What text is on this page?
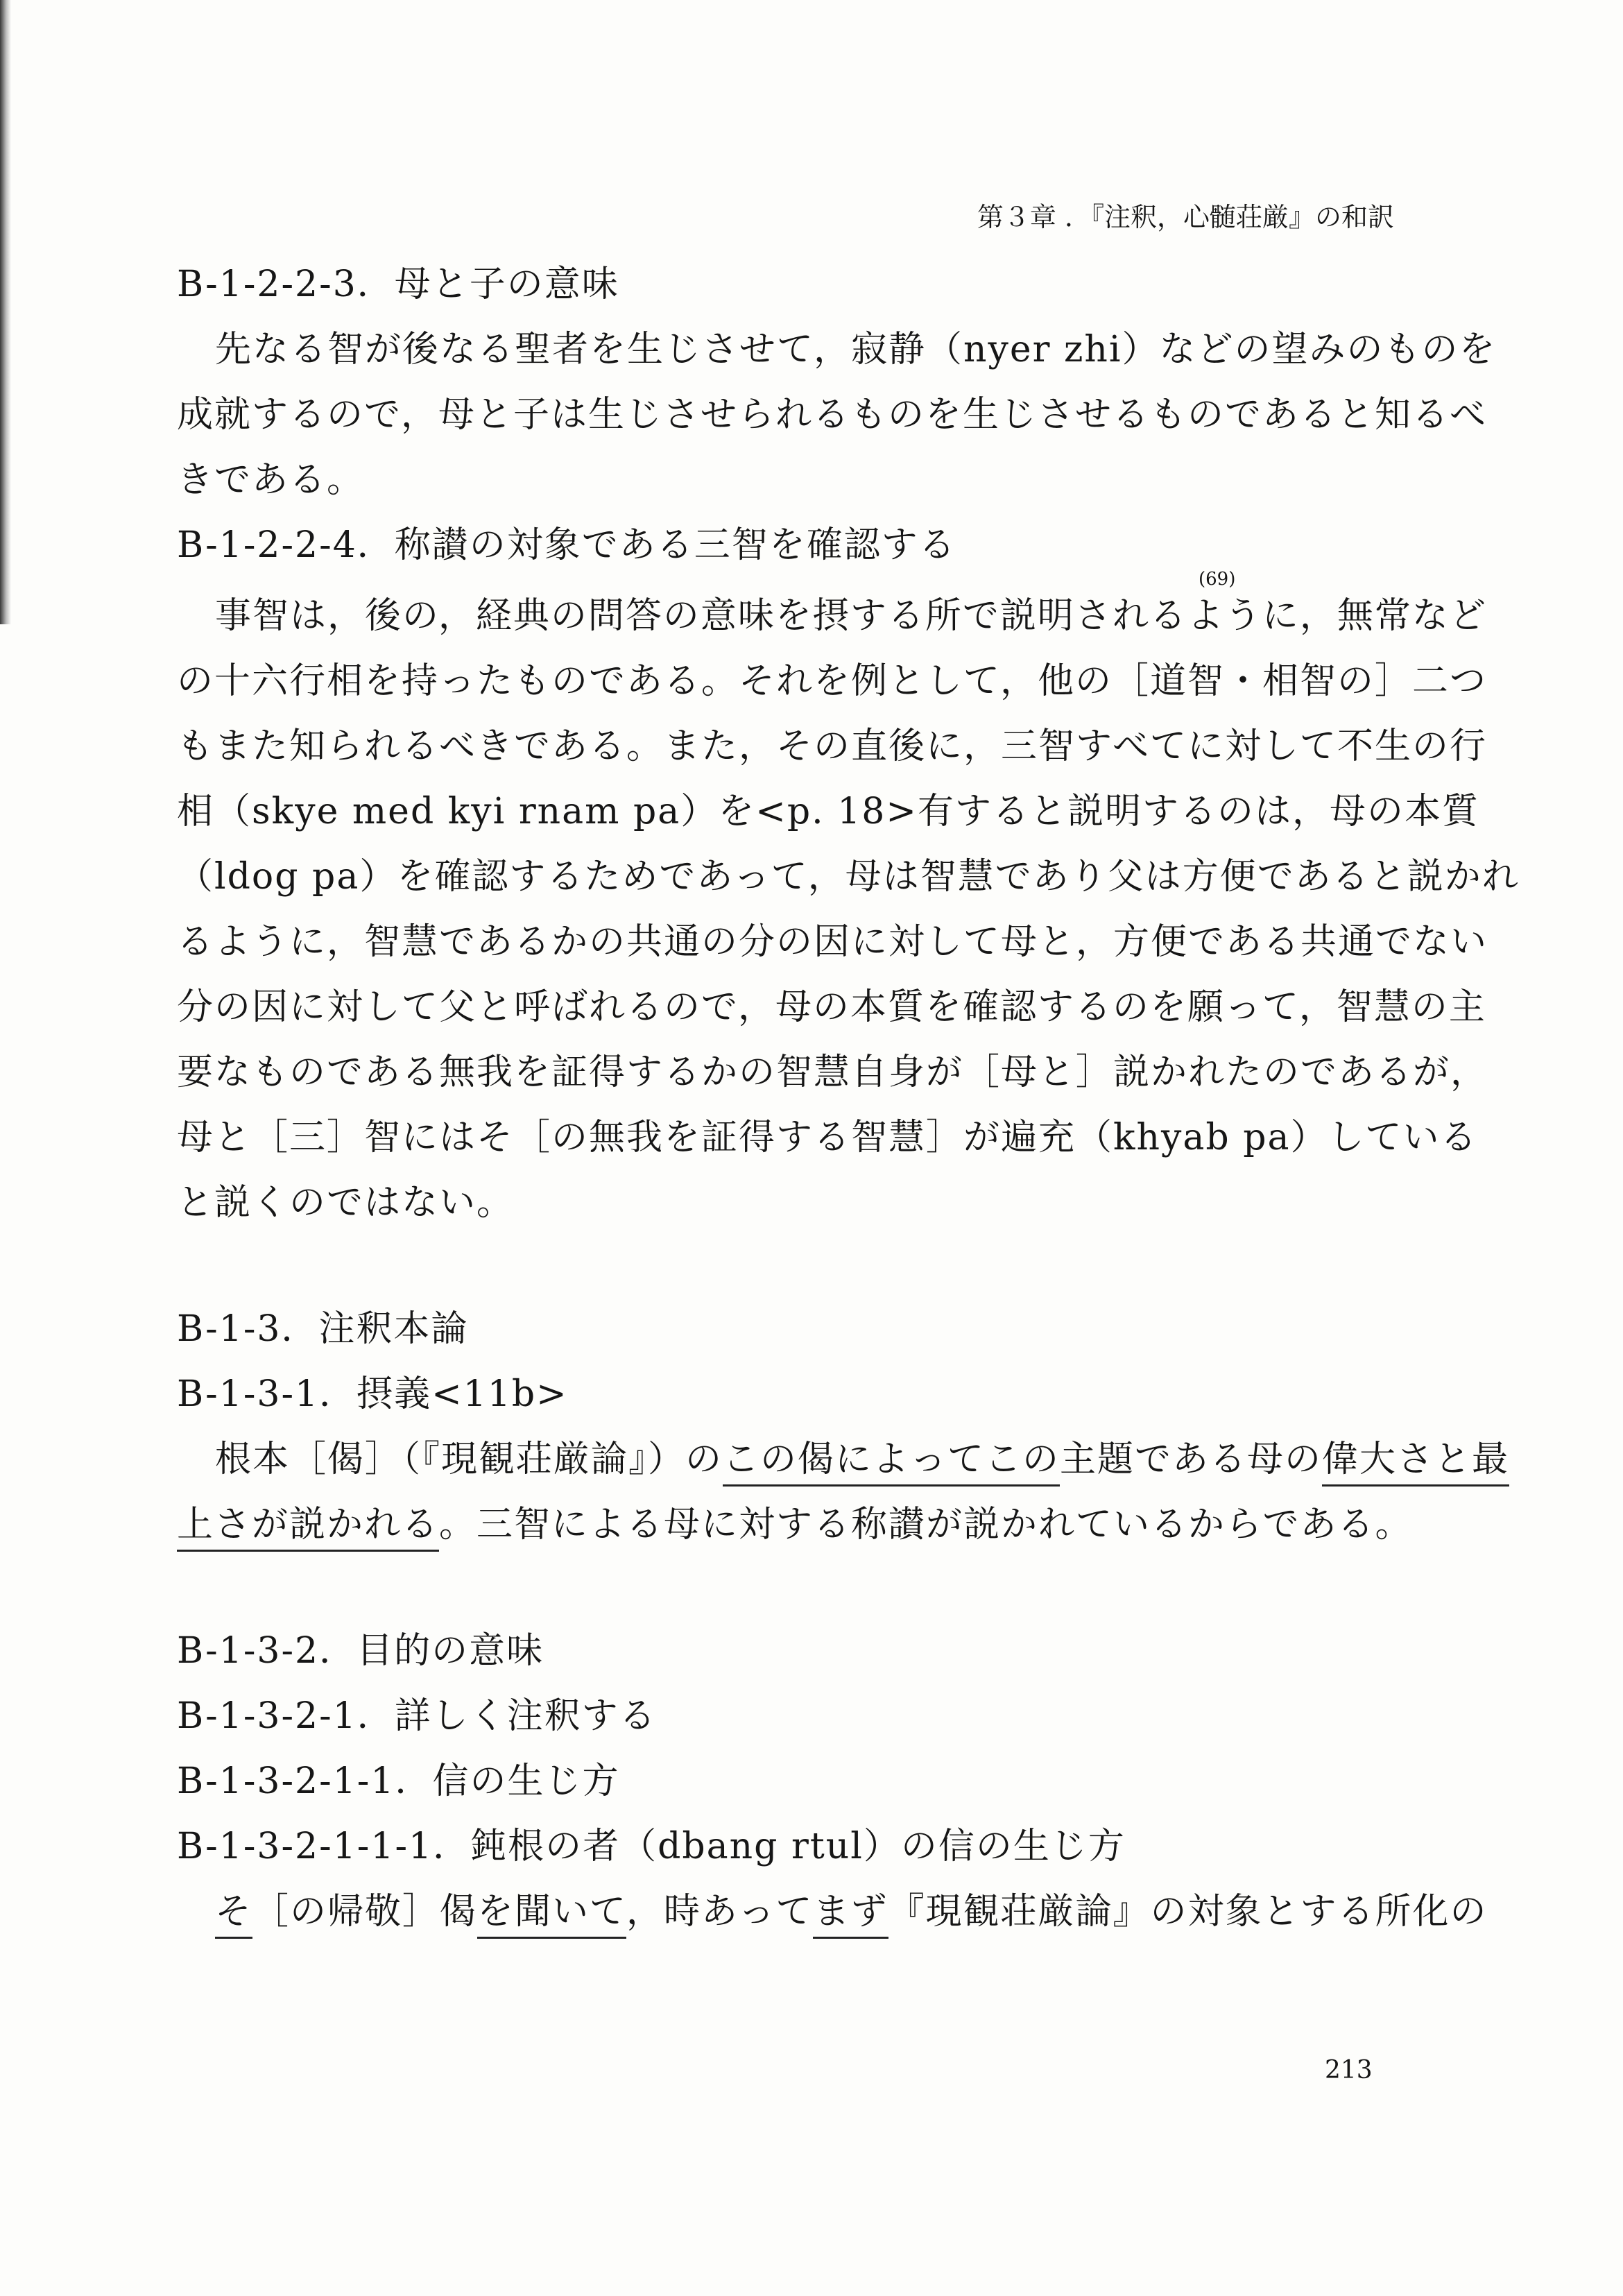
第３章 ．『注釈，心髄荘厳』の和訳
B-1-2-2-3．母と子の意味
先なる智が後なる聖者を生じさせて，寂静（nyer zhi）などの望みのものを
成就するので，母と子は生じさせられるものを生じさせるものであると知るべ
きである。
B-1-2-2-4．称讃の対象である三智を確認する
(69)
事智は，後の，経典の問答の意味を摂する所で説明されるように，無常など
の十六行相を持ったものである。それを例として，他の［道智・相智の］二つ
もまた知られるべきである。また，その直後に，三智すべてに対して不生の行
相（skye med kyi rnam pa）を<p. 18>有すると説明するのは，母の本質
（ldog pa）を確認するためであって，母は智慧であり父は方便であると説かれ
るように，智慧であるかの共通の分の因に対して母と，方便である共通でない
分の因に対して父と呼ばれるので，母の本質を確認するのを願って，智慧の主
要なものである無我を証得するかの智慧自身が［母と］説かれたのであるが，
母と［三］智にはそ［の無我を証得する智慧］が遍充（khyab pa）している
と説くのではない。
B-1-3．注釈本論
B-1-3-1．摂義<11b>
根本［偈］（『現観荘厳論』）のこの偈によってこの主題である母の偉大さと最
上さが説かれる。三智による母に対する称讃が説かれているからである。
B-1-3-2．目的の意味
B-1-3-2-1．詳しく注釈する
B-1-3-2-1-1．信の生じ方
B-1-3-2-1-1-1．鈍根の者（dbang rtul）の信の生じ方
そ［の帰敬］偈を聞いて，時あってまず『現観荘厳論』の対象とする所化の
213
